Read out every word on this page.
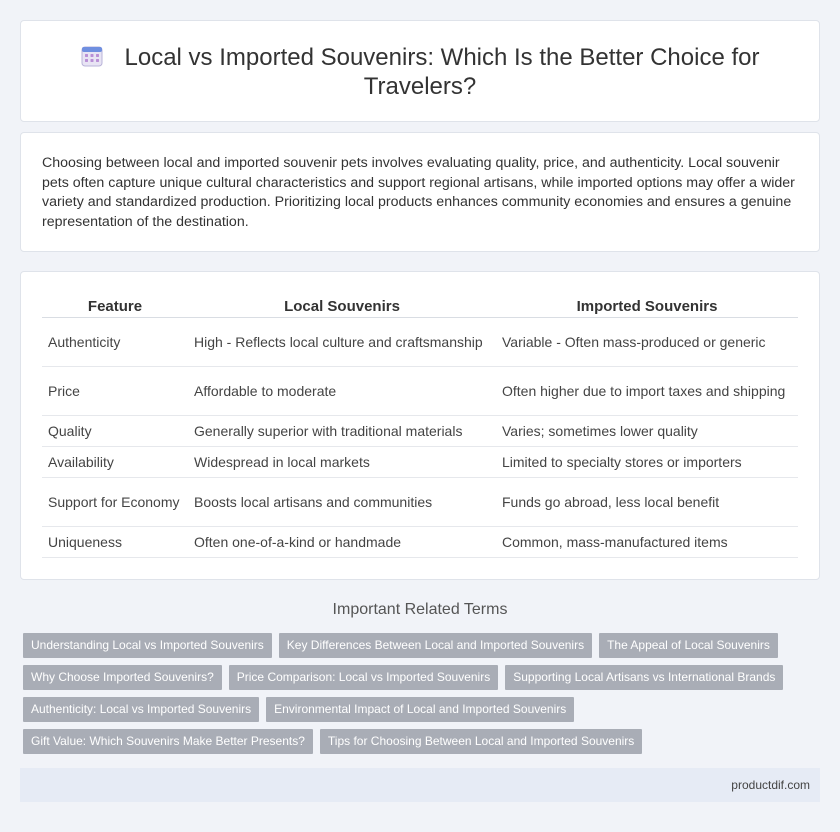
Local vs Imported Souvenirs: Which Is the Better Choice for
Travelers?

Choosing between local and imported souvenir pets involves evaluating quality, price, and authenticity. Local souvenir pets often capture unique cultural characteristics and support regional artisans, while imported options may offer a wider variety and standardized production. Prioritizing local products enhances community economies and ensures a genuine representation of the destination.

Feature	Local Souvenirs	Imported Souvenirs
Authenticity	High - Reflects local culture and craftsmanship	Variable - Often mass-produced or generic
Price	Affordable to moderate	Often higher due to import taxes and shipping
Quality	Generally superior with traditional materials	Varies; sometimes lower quality
Availability	Widespread in local markets	Limited to specialty stores or importers
Support for Economy	Boosts local artisans and communities	Funds go abroad, less local benefit
Uniqueness	Often one-of-a-kind or handmade	Common, mass-manufactured items
Important Related Terms
Understanding Local vs Imported Souvenirs	Key Differences Between Local and Imported Souvenirs	The Appeal of Local Souvenirs
Why Choose Imported Souvenirs?	Price Comparison: Local vs Imported Souvenirs	Supporting Local Artisans vs International Brands
Authenticity: Local vs Imported Souvenirs	Environmental Impact of Local and Imported Souvenirs
Gift Value: Which Souvenirs Make Better Presents?	Tips for Choosing Between Local and Imported Souvenirs
productdif.com
